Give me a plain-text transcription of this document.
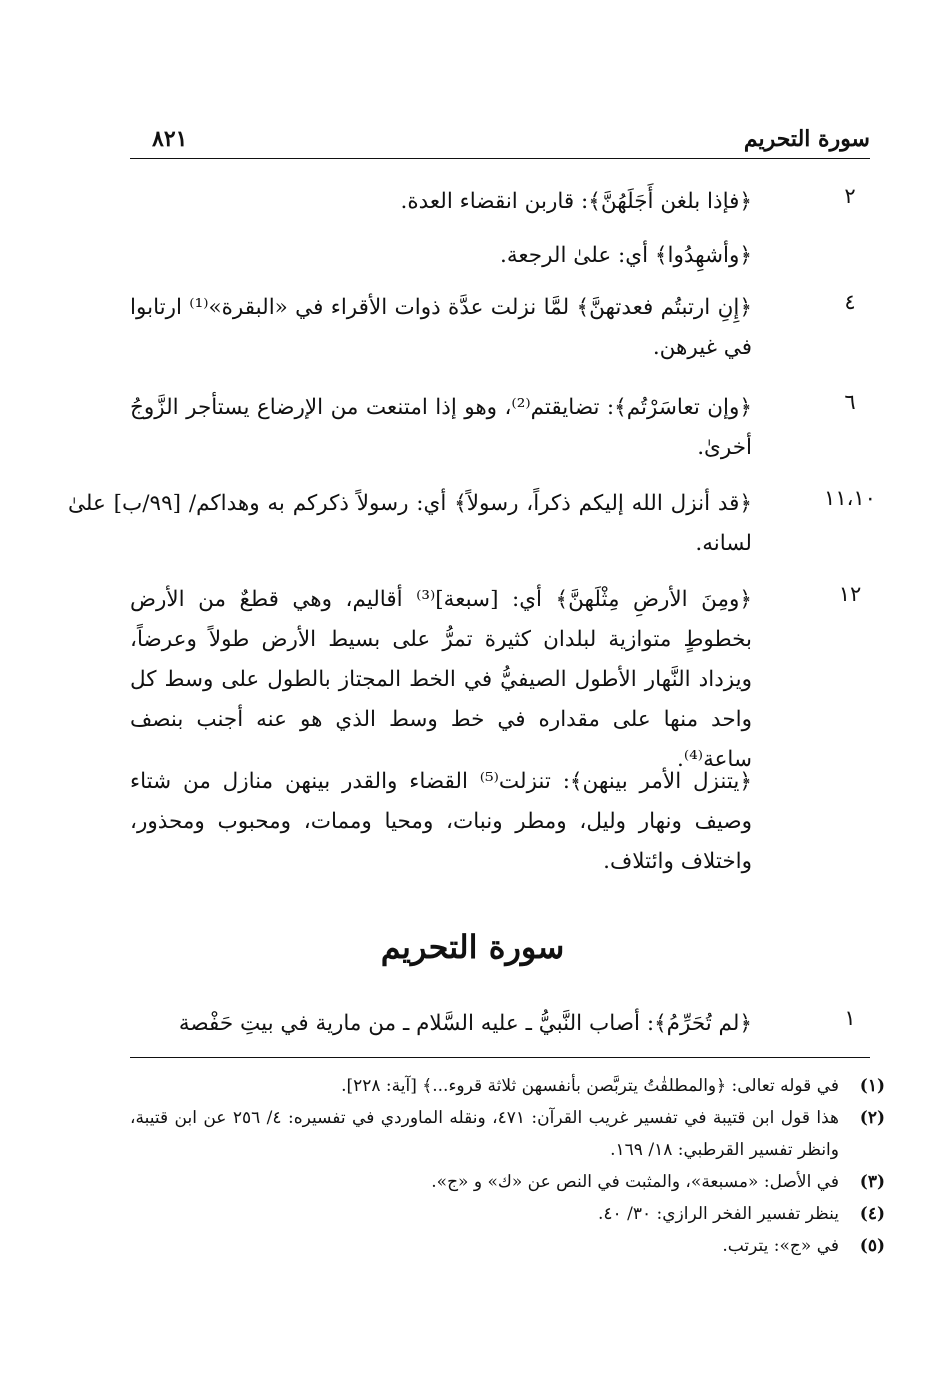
سورة التحريم
٨٢١
٢
﴿فإذا بلغن أَجَلَهُنَّ﴾: قاربن انقضاء العدة.
﴿وأشهِدُوا﴾ أي: علىٰ الرجعة.
٤
﴿إِنِ ارتبتُم فعدتهنَّ﴾ لمَّا نزلت عدَّة ذوات الأقراء في «البقرة»⁽¹⁾ ارتابوا في غيرهن.
٦
﴿وإن تعاسَرْتُم﴾: تضايقتم⁽²⁾، وهو إذا امتنعت من الإرضاع يستأجر الزَّوجُ أخرىٰ.
١١،١٠
﴿قد أنزل الله إليكم ذكراً، رسولاً﴾ أي: رسولاً ذكركم به وهداكم/ [٩٩/ب] علىٰ لسانه.
١٢
﴿ومِنَ الأرضِ مِثْلَهنَّ﴾ أي: [سبعة]⁽³⁾ أقاليم، وهي قطعٌ من الأرض بخطوطٍ متوازية لبلدان كثيرة تمرُّ على بسيط الأرض طولاً وعرضاً، ويزداد النَّهار الأطول الصيفيُّ في الخط المجتاز بالطول على وسط كل واحد منها على مقداره في خط وسط الذي هو عنه أجنب بنصف ساعة⁽⁴⁾.
﴿يتنزل الأمر بينهن﴾: تنزلت⁽⁵⁾ القضاء والقدر بينهن منازل من شتاء وصيف ونهار وليل، ومطر ونبات، ومحيا وممات، ومحبوب ومحذور، واختلاف وائتلاف.
سورة التحريم
١
﴿لم تُحَرِّمُ﴾: أصاب النَّبيُّ ـ عليه السَّلام ـ من مارية في بيتِ حَفْصة
(١)
في قوله تعالى: ﴿والمطلقٰتُ يتربَّصن بأنفسهن ثلاثة قروء...﴾ [آية: ٢٢٨].
(٢)
هذا قول ابن قتيبة في تفسير غريب القرآن: ٤٧١، ونقله الماوردي في تفسيره: ٤/ ٢٥٦ عن ابن قتيبة، وانظر تفسير القرطبي: ١٨/ ١٦٩.
(٣)
في الأصل: «مسبعة»، والمثبت في النص عن «ك» و «ج».
(٤)
ينظر تفسير الفخر الرازي: ٣٠/ ٤٠.
(٥)
في «ج»: يترتب.
